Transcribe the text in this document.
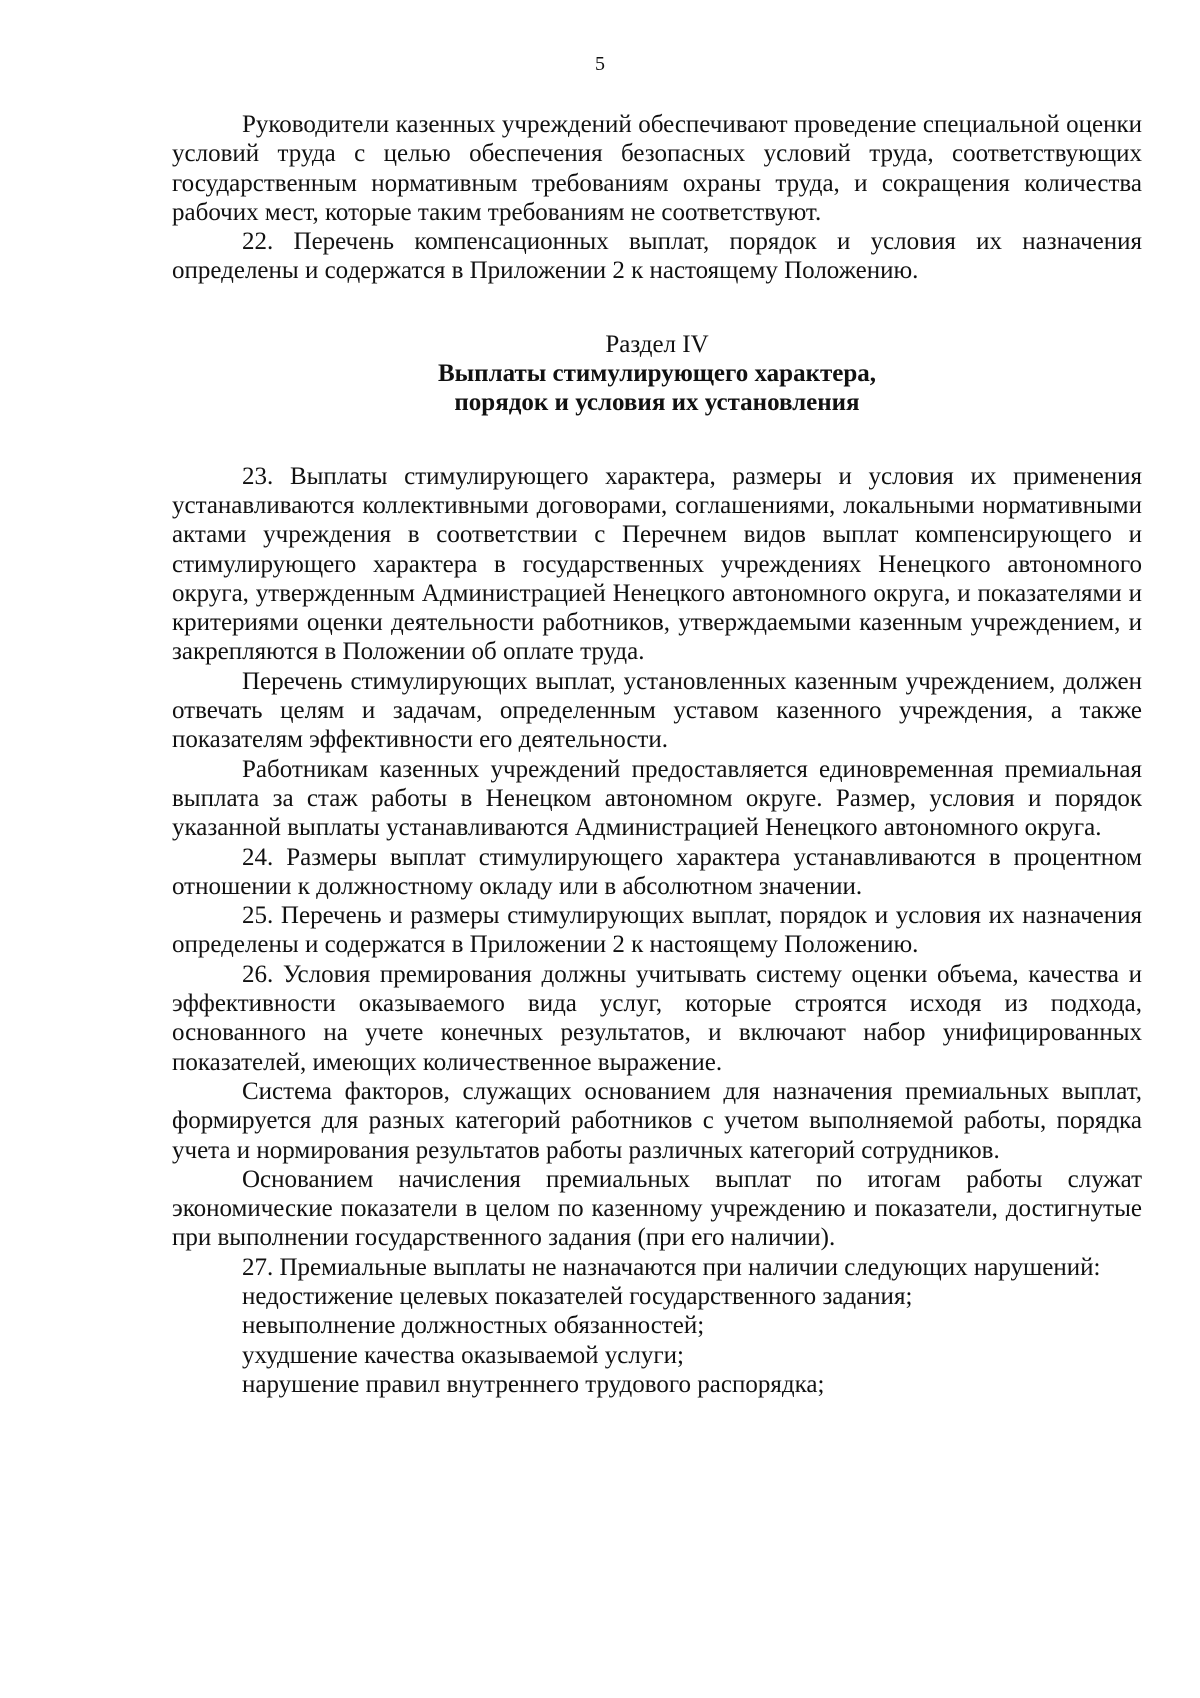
5

Руководители казенных учреждений обеспечивают проведение специальной оценки условий труда с целью обеспечения безопасных условий труда, соответствующих государственным нормативным требованиям охраны труда, и сокращения количества рабочих мест, которые таким требованиям не соответствуют.

22. Перечень компенсационных выплат, порядок и условия их назначения определены и содержатся в Приложении 2 к настоящему Положению.

Раздел IV
Выплаты стимулирующего характера,
порядок и условия их установления

23. Выплаты стимулирующего характера, размеры и условия их применения устанавливаются коллективными договорами, соглашениями, локальными нормативными актами учреждения в соответствии с Перечнем видов выплат компенсирующего и стимулирующего характера в государственных учреждениях Ненецкого автономного округа, утвержденным Администрацией Ненецкого автономного округа, и показателями и критериями оценки деятельности работников, утверждаемыми казенным учреждением, и закрепляются в Положении об оплате труда.

Перечень стимулирующих выплат, установленных казенным учреждением, должен отвечать целям и задачам, определенным уставом казенного учреждения, а также показателям эффективности его деятельности.

Работникам казенных учреждений предоставляется единовременная премиальная выплата за стаж работы в Ненецком автономном округе. Размер, условия и порядок указанной выплаты устанавливаются Администрацией Ненецкого автономного округа.

24. Размеры выплат стимулирующего характера устанавливаются в процентном отношении к должностному окладу или в абсолютном значении.

25. Перечень и размеры стимулирующих выплат, порядок и условия их назначения определены и содержатся в Приложении 2 к настоящему Положению.

26. Условия премирования должны учитывать систему оценки объема, качества и эффективности оказываемого вида услуг, которые строятся исходя из подхода, основанного на учете конечных результатов, и включают набор унифицированных показателей, имеющих количественное выражение.

Система факторов, служащих основанием для назначения премиальных выплат, формируется для разных категорий работников с учетом выполняемой работы, порядка учета и нормирования результатов работы различных категорий сотрудников.

Основанием начисления премиальных выплат по итогам работы служат экономические показатели в целом по казенному учреждению и показатели, достигнутые при выполнении государственного задания (при его наличии).

27. Премиальные выплаты не назначаются при наличии следующих нарушений:

недостижение целевых показателей государственного задания;

невыполнение должностных обязанностей;

ухудшение качества оказываемой услуги;

нарушение правил внутреннего трудового распорядка;
